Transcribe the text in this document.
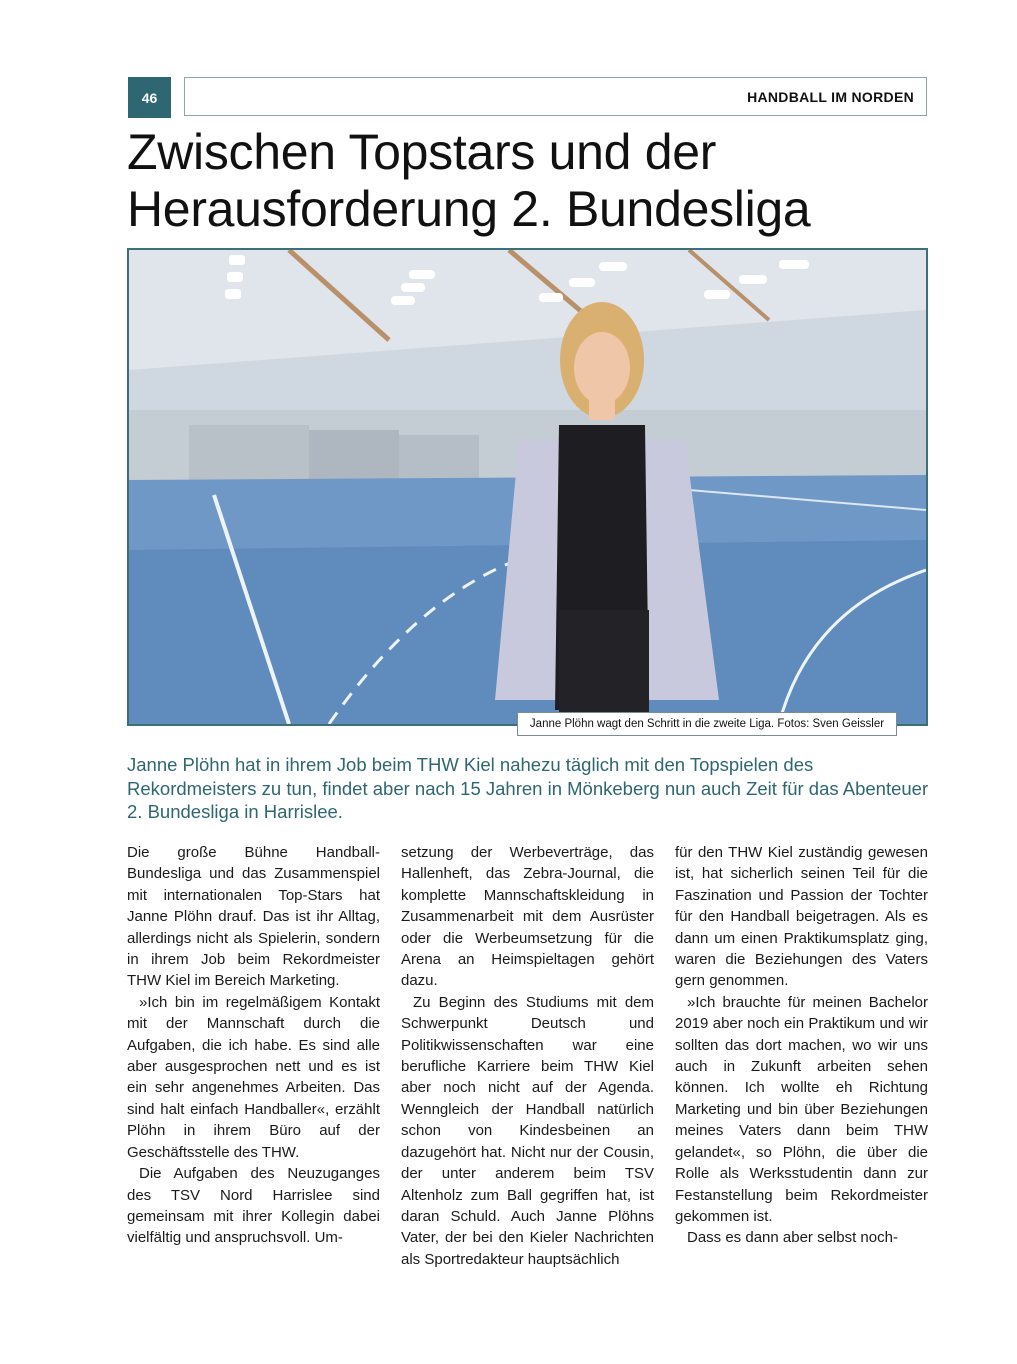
46	HANDBALL IM NORDEN
Zwischen Topstars und der Herausforderung 2. Bundesliga
Janne Plöhn wagt den Schritt in die zweite Liga. Fotos: Sven Geissler

Janne Plöhn hat in ihrem Job beim THW Kiel nahezu täglich mit den Topspielen des Rekordmeisters zu tun, findet aber nach 15 Jahren in Mönkeberg nun auch Zeit für das Abenteuer 2. Bundesliga in Harrislee.

Die große Bühne Handball-Bundesliga und das Zusammenspiel mit internationalen Top-Stars hat Janne Plöhn drauf. Das ist ihr Alltag, allerdings nicht als Spielerin, sondern in ihrem Job beim Rekordmeister THW Kiel im Bereich Marketing.

»Ich bin im regelmäßigem Kontakt mit der Mannschaft durch die Aufgaben, die ich habe. Es sind alle aber ausgesprochen nett und es ist ein sehr angenehmes Arbeiten. Das sind halt einfach Handballer«, erzählt Plöhn in ihrem Büro auf der Geschäftsstelle des THW.

Die Aufgaben des Neuzuganges des TSV Nord Harrislee sind gemeinsam mit ihrer Kollegin dabei vielfältig und anspruchsvoll. Um-

setzung der Werbeverträge, das Hallenheft, das Zebra-Journal, die komplette Mannschaftskleidung in Zusammenarbeit mit dem Ausrüster oder die Werbeumsetzung für die Arena an Heimspieltagen gehört dazu.

Zu Beginn des Studiums mit dem Schwerpunkt Deutsch und Politikwissenschaften war eine berufliche Karriere beim THW Kiel aber noch nicht auf der Agenda. Wenngleich der Handball natürlich schon von Kindesbeinen an dazugehört hat. Nicht nur der Cousin, der unter anderem beim TSV Altenholz zum Ball gegriffen hat, ist daran Schuld. Auch Janne Plöhns Vater, der bei den Kieler Nachrichten als Sportredakteur hauptsächlich

für den THW Kiel zuständig gewesen ist, hat sicherlich seinen Teil für die Faszination und Passion der Tochter für den Handball beigetragen. Als es dann um einen Praktikumsplatz ging, waren die Beziehungen des Vaters gern genommen.

»Ich brauchte für meinen Bachelor 2019 aber noch ein Praktikum und wir sollten das dort machen, wo wir uns auch in Zukunft arbeiten sehen können. Ich wollte eh Richtung Marketing und bin über Beziehungen meines Vaters dann beim THW gelandet«, so Plöhn, die über die Rolle als Werksstudentin dann zur Festanstellung beim Rekordmeister gekommen ist.

Dass es dann aber selbst noch-
